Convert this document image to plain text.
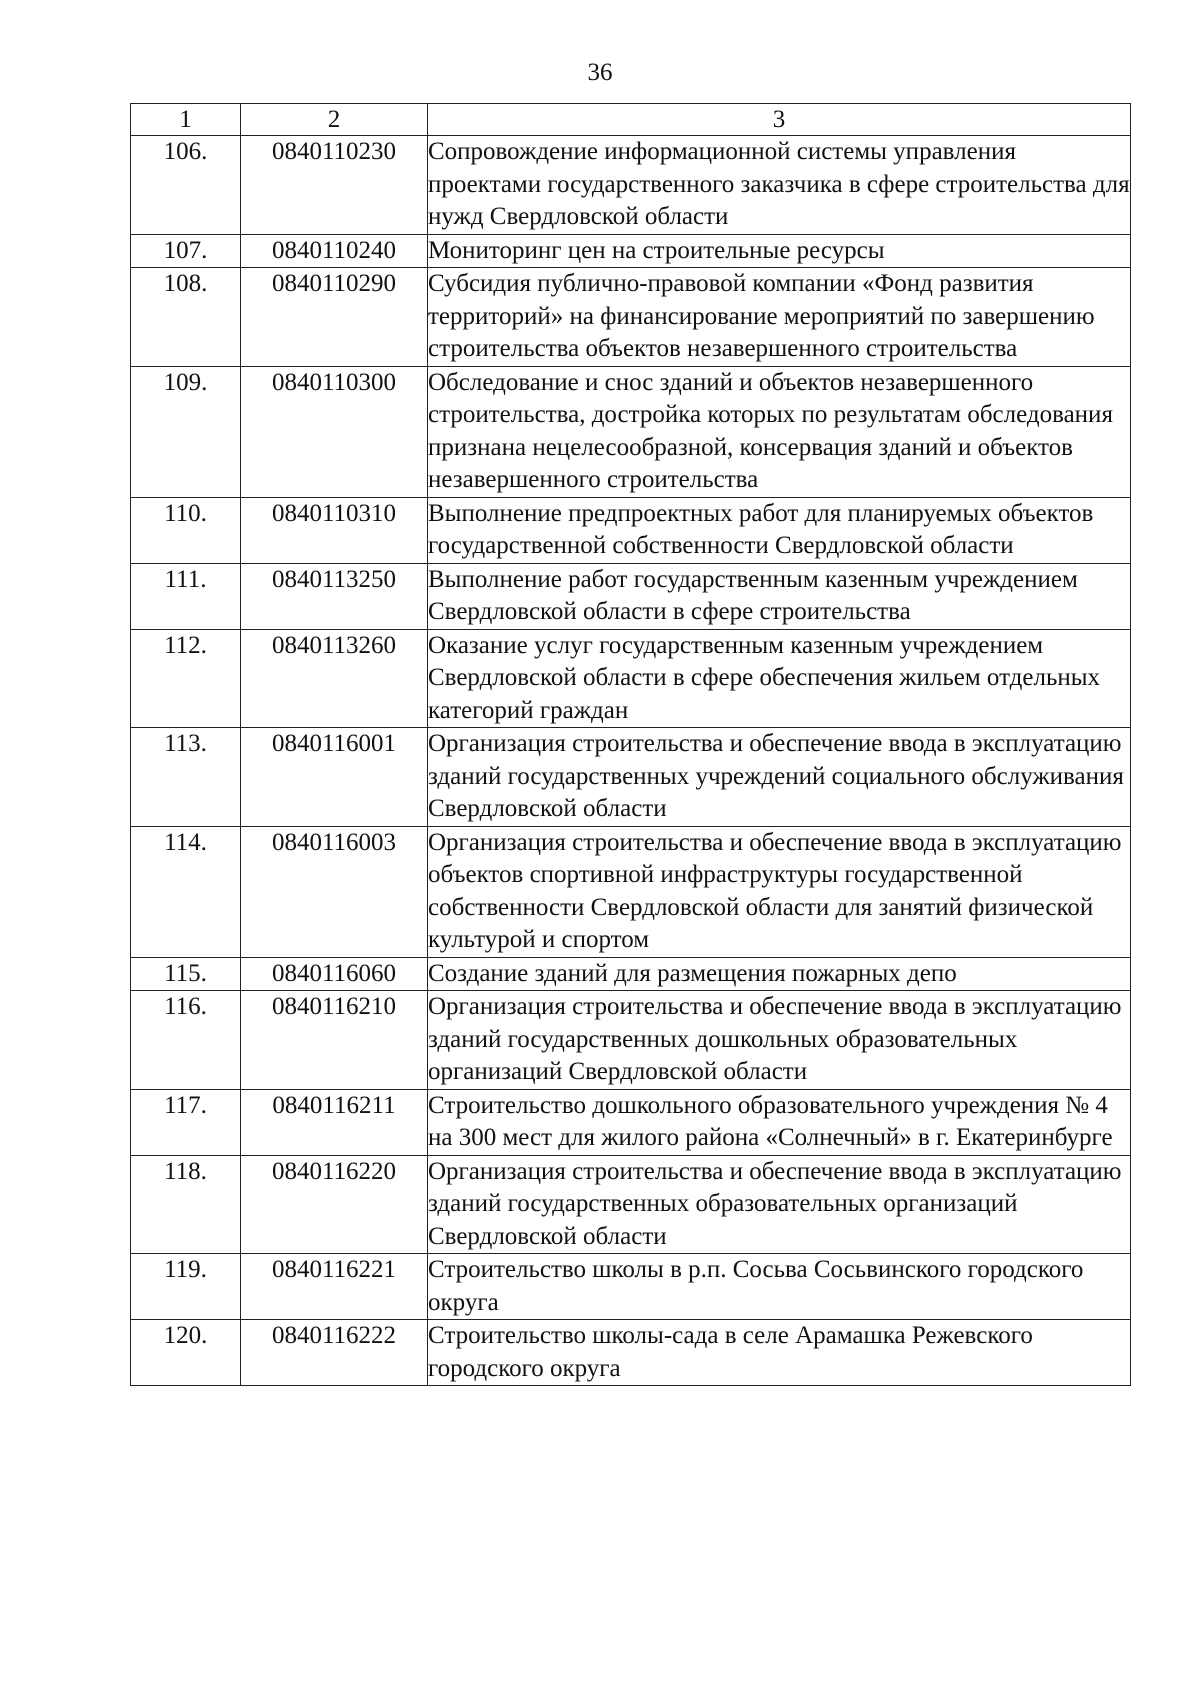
36
1	2	3
106.	0840110230	Сопровождение информационной системы управления проектами государственного заказчика в сфере строительства для нужд Свердловской области
107.	0840110240	Мониторинг цен на строительные ресурсы
108.	0840110290	Субсидия публично-правовой компании «Фонд развития территорий» на финансирование мероприятий по завершению строительства объектов незавершенного строительства
109.	0840110300	Обследование и снос зданий и объектов незавершенного строительства, достройка которых по результатам обследования признана нецелесообразной, консервация зданий и объектов незавершенного строительства
110.	0840110310	Выполнение предпроектных работ для планируемых объектов государственной собственности Свердловской области
111.	0840113250	Выполнение работ государственным казенным учреждением Свердловской области в сфере строительства
112.	0840113260	Оказание услуг государственным казенным учреждением Свердловской области в сфере обеспечения жильем отдельных категорий граждан
113.	0840116001	Организация строительства и обеспечение ввода в эксплуатацию зданий государственных учреждений социального обслуживания Свердловской области
114.	0840116003	Организация строительства и обеспечение ввода в эксплуатацию объектов спортивной инфраструктуры государственной собственности Свердловской области для занятий физической культурой и спортом
115.	0840116060	Создание зданий для размещения пожарных депо
116.	0840116210	Организация строительства и обеспечение ввода в эксплуатацию зданий государственных дошкольных образовательных организаций Свердловской области
117.	0840116211	Строительство дошкольного образовательного учреждения № 4 на 300 мест для жилого района «Солнечный» в г. Екатеринбурге
118.	0840116220	Организация строительства и обеспечение ввода в эксплуатацию зданий государственных образовательных организаций Свердловской области
119.	0840116221	Строительство школы в р.п. Сосьва Сосьвинского городского округа
120.	0840116222	Строительство школы-сада в селе Арамашка Режевского городского округа
